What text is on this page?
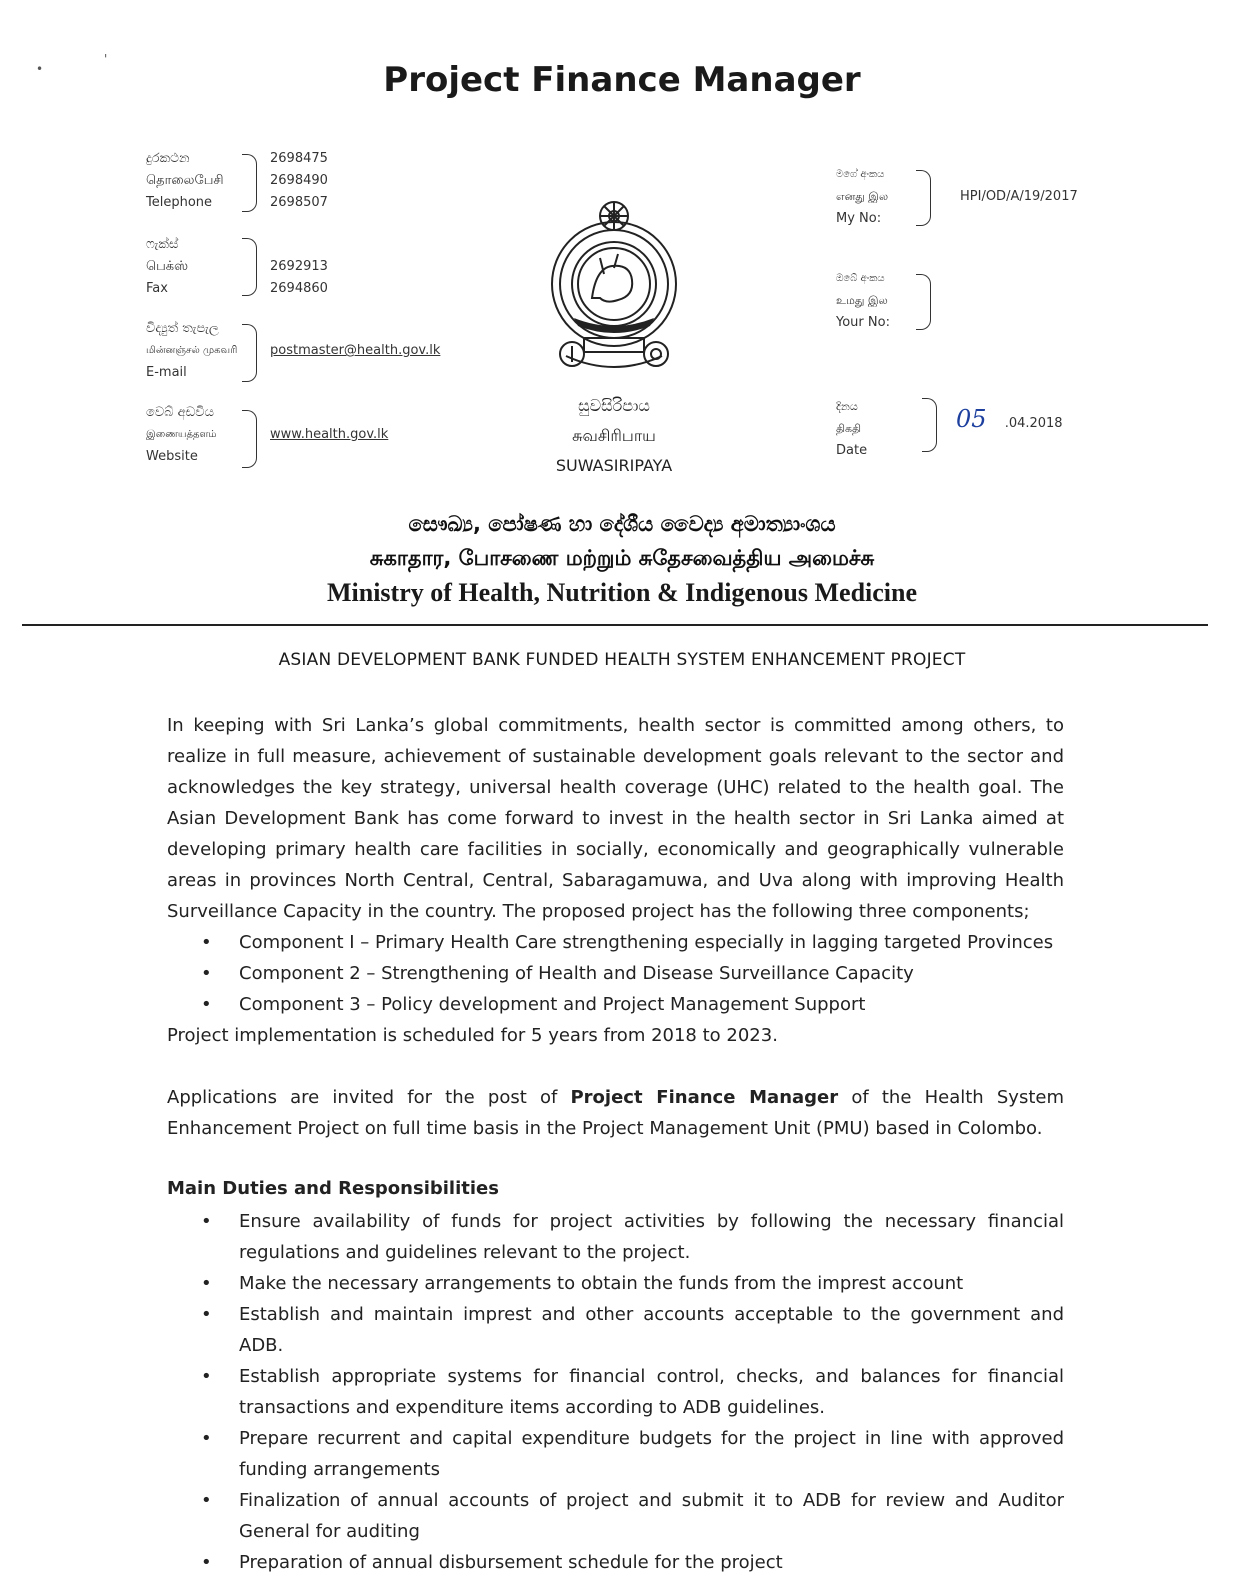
•
'
Project Finance Manager
දුරකථන
தொலைபேசி
Telephone
2698475
2698490
2698507
ෆැක්ස්
பெக்ஸ்
Fax
2692913
2694860
විද්‍යුත් තැපැල
மின்னஞ்சல் முகவரி
E-mail
postmaster@health.gov.lk
වෙබ් අඩවිය
இணையத்தளம்
Website
www.health.gov.lk
සුවසිරිපාය
சுவசிரிபாய
SUWASIRIPAYA
මගේ අංකය
எனது இல
My No:
HPI/OD/A/19/2017
ඔබේ අංකය
உமது இல
Your No:
දිනය
திகதி
Date
05 .04.2018
සෞඛ්‍ය, පෝෂණ හා දේශීය වෛද්‍ය අමාත්‍යාංශය
சுகாதார, போசணை மற்றும் சுதேசவைத்திய அமைச்சு
Ministry of Health, Nutrition & Indigenous Medicine
ASIAN DEVELOPMENT BANK FUNDED HEALTH SYSTEM ENHANCEMENT PROJECT

In keeping with Sri Lanka’s global commitments, health sector is committed among others, to realize in full measure, achievement of sustainable development goals relevant to the sector and acknowledges the key strategy, universal health coverage (UHC) related to the health goal. The Asian Development Bank has come forward to invest in the health sector in Sri Lanka aimed at developing primary health care facilities in socially, economically and geographically vulnerable areas in provinces North Central, Central, Sabaragamuwa, and Uva along with improving Health Surveillance Capacity in the country. The proposed project has the following three components;

• Component I – Primary Health Care strengthening especially in lagging targeted Provinces
• Component 2 – Strengthening of Health and Disease Surveillance Capacity
• Component 3 – Policy development and Project Management Support

Project implementation is scheduled for 5 years from 2018 to 2023.

Applications are invited for the post of Project Finance Manager of the Health System Enhancement Project on full time basis in the Project Management Unit (PMU) based in Colombo.

Main Duties and Responsibilities
• Ensure availability of funds for project activities by following the necessary financial regulations and guidelines relevant to the project.
• Make the necessary arrangements to obtain the funds from the imprest account
• Establish and maintain imprest and other accounts acceptable to the government and ADB.
• Establish appropriate systems for financial control, checks, and balances for financial transactions and expenditure items according to ADB guidelines.
• Prepare recurrent and capital expenditure budgets for the project in line with approved funding arrangements
• Finalization of annual accounts of project and submit it to ADB for review and Auditor General for auditing
• Preparation of annual disbursement schedule for the project
